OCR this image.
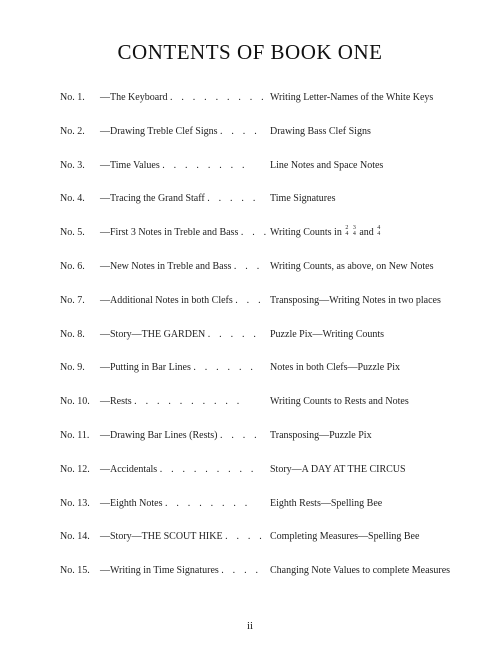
CONTENTS OF BOOK ONE
No. 1. —The Keyboard . . . . . . . . . Writing Letter-Names of the White Keys
No. 2. —Drawing Treble Clef Signs . . . . Drawing Bass Clef Signs
No. 3. —Time Values . . . . . . . . Line Notes and Space Notes
No. 4. —Tracing the Grand Staff . . . . . Time Signatures
No. 5. —First 3 Notes in Treble and Bass . . . Writing Counts in 2
4

3
4 and 4
4
No. 6. —New Notes in Treble and Bass . . . Writing Counts, as above, on New Notes
No. 7. —Additional Notes in both Clefs . . . Transposing—Writing Notes in two places
No. 8. —Story—THE GARDEN . . . . . Puzzle Pix—Writing Counts
No. 9. —Putting in Bar Lines . . . . . . Notes in both Clefs—Puzzle Pix
No. 10. —Rests . . . . . . . . . .	Writing Counts to Rests and Notes
No. 11. —Drawing Bar Lines (Rests) . . . . Transposing—Puzzle Pix
No. 12. —Accidentals . . . . . . . . . Story—A DAY AT THE CIRCUS
No. 13. —Eighth Notes . . . . . . . . Eighth Rests—Spelling Bee
No. 14. —Story—THE SCOUT HIKE . . . . Completing Measures—Spelling Bee
No. 15. —Writing in Time Signatures . . . . Changing Note Values to complete Measures
ii
